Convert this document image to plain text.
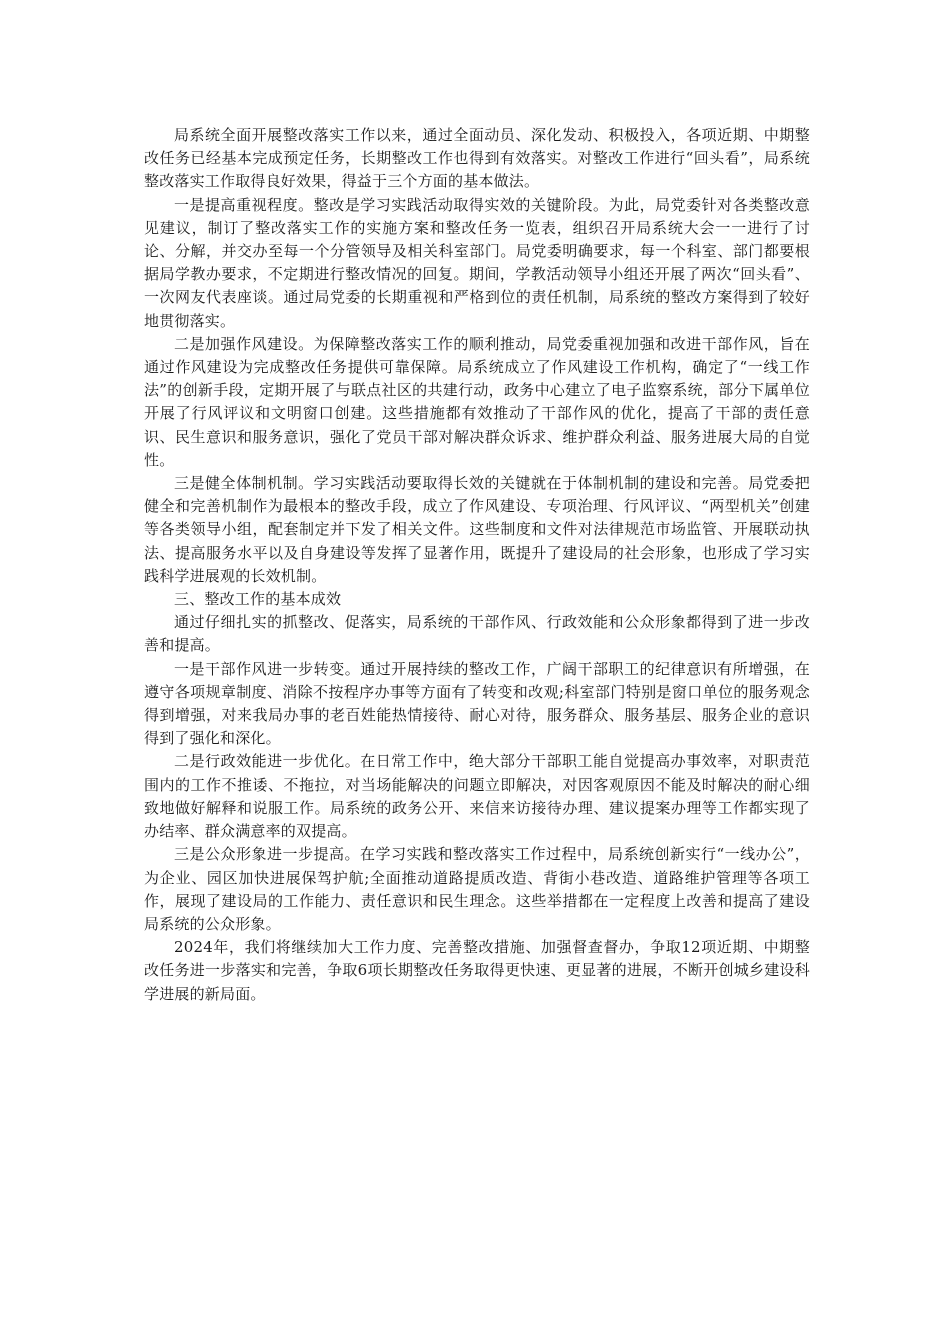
局系统全面开展整改落实工作以来，通过全面动员、深化发动、积极投入，各项近期、中期整改任务已经基本完成预定任务，长期整改工作也得到有效落实。对整改工作进行“回头看”，局系统整改落实工作取得良好效果，得益于三个方面的基本做法。

一是提高重视程度。整改是学习实践活动取得实效的关键阶段。为此，局党委针对各类整改意见建议，制订了整改落实工作的实施方案和整改任务一览表，组织召开局系统大会一一进行了讨论、分解，并交办至每一个分管领导及相关科室部门。局党委明确要求，每一个科室、部门都要根据局学教办要求，不定期进行整改情况的回复。期间，学教活动领导小组还开展了两次“回头看”、一次网友代表座谈。通过局党委的长期重视和严格到位的责任机制，局系统的整改方案得到了较好地贯彻落实。

二是加强作风建设。为保障整改落实工作的顺利推动，局党委重视加强和改进干部作风，旨在通过作风建设为完成整改任务提供可靠保障。局系统成立了作风建设工作机构，确定了“一线工作法”的创新手段，定期开展了与联点社区的共建行动，政务中心建立了电子监察系统，部分下属单位开展了行风评议和文明窗口创建。这些措施都有效推动了干部作风的优化，提高了干部的责任意识、民生意识和服务意识，强化了党员干部对解决群众诉求、维护群众利益、服务进展大局的自觉性。

三是健全体制机制。学习实践活动要取得长效的关键就在于体制机制的建设和完善。局党委把健全和完善机制作为最根本的整改手段，成立了作风建设、专项治理、行风评议、“两型机关”创建等各类领导小组，配套制定并下发了相关文件。这些制度和文件对法律规范市场监管、开展联动执法、提高服务水平以及自身建设等发挥了显著作用，既提升了建设局的社会形象，也形成了学习实践科学进展观的长效机制。

三、整改工作的基本成效

通过仔细扎实的抓整改、促落实，局系统的干部作风、行政效能和公众形象都得到了进一步改善和提高。

一是干部作风进一步转变。通过开展持续的整改工作，广阔干部职工的纪律意识有所增强，在遵守各项规章制度、消除不按程序办事等方面有了转变和改观;科室部门特别是窗口单位的服务观念得到增强，对来我局办事的老百姓能热情接待、耐心对待，服务群众、服务基层、服务企业的意识得到了强化和深化。

二是行政效能进一步优化。在日常工作中，绝大部分干部职工能自觉提高办事效率，对职责范围内的工作不推诿、不拖拉，对当场能解决的问题立即解决，对因客观原因不能及时解决的耐心细致地做好解释和说服工作。局系统的政务公开、来信来访接待办理、建议提案办理等工作都实现了办结率、群众满意率的双提高。

三是公众形象进一步提高。在学习实践和整改落实工作过程中，局系统创新实行“一线办公”，为企业、园区加快进展保驾护航;全面推动道路提质改造、背街小巷改造、道路维护管理等各项工作，展现了建设局的工作能力、责任意识和民生理念。这些举措都在一定程度上改善和提高了建设局系统的公众形象。

2024年，我们将继续加大工作力度、完善整改措施、加强督查督办，争取12项近期、中期整改任务进一步落实和完善，争取6项长期整改任务取得更快速、更显著的进展，不断开创城乡建设科学进展的新局面。
